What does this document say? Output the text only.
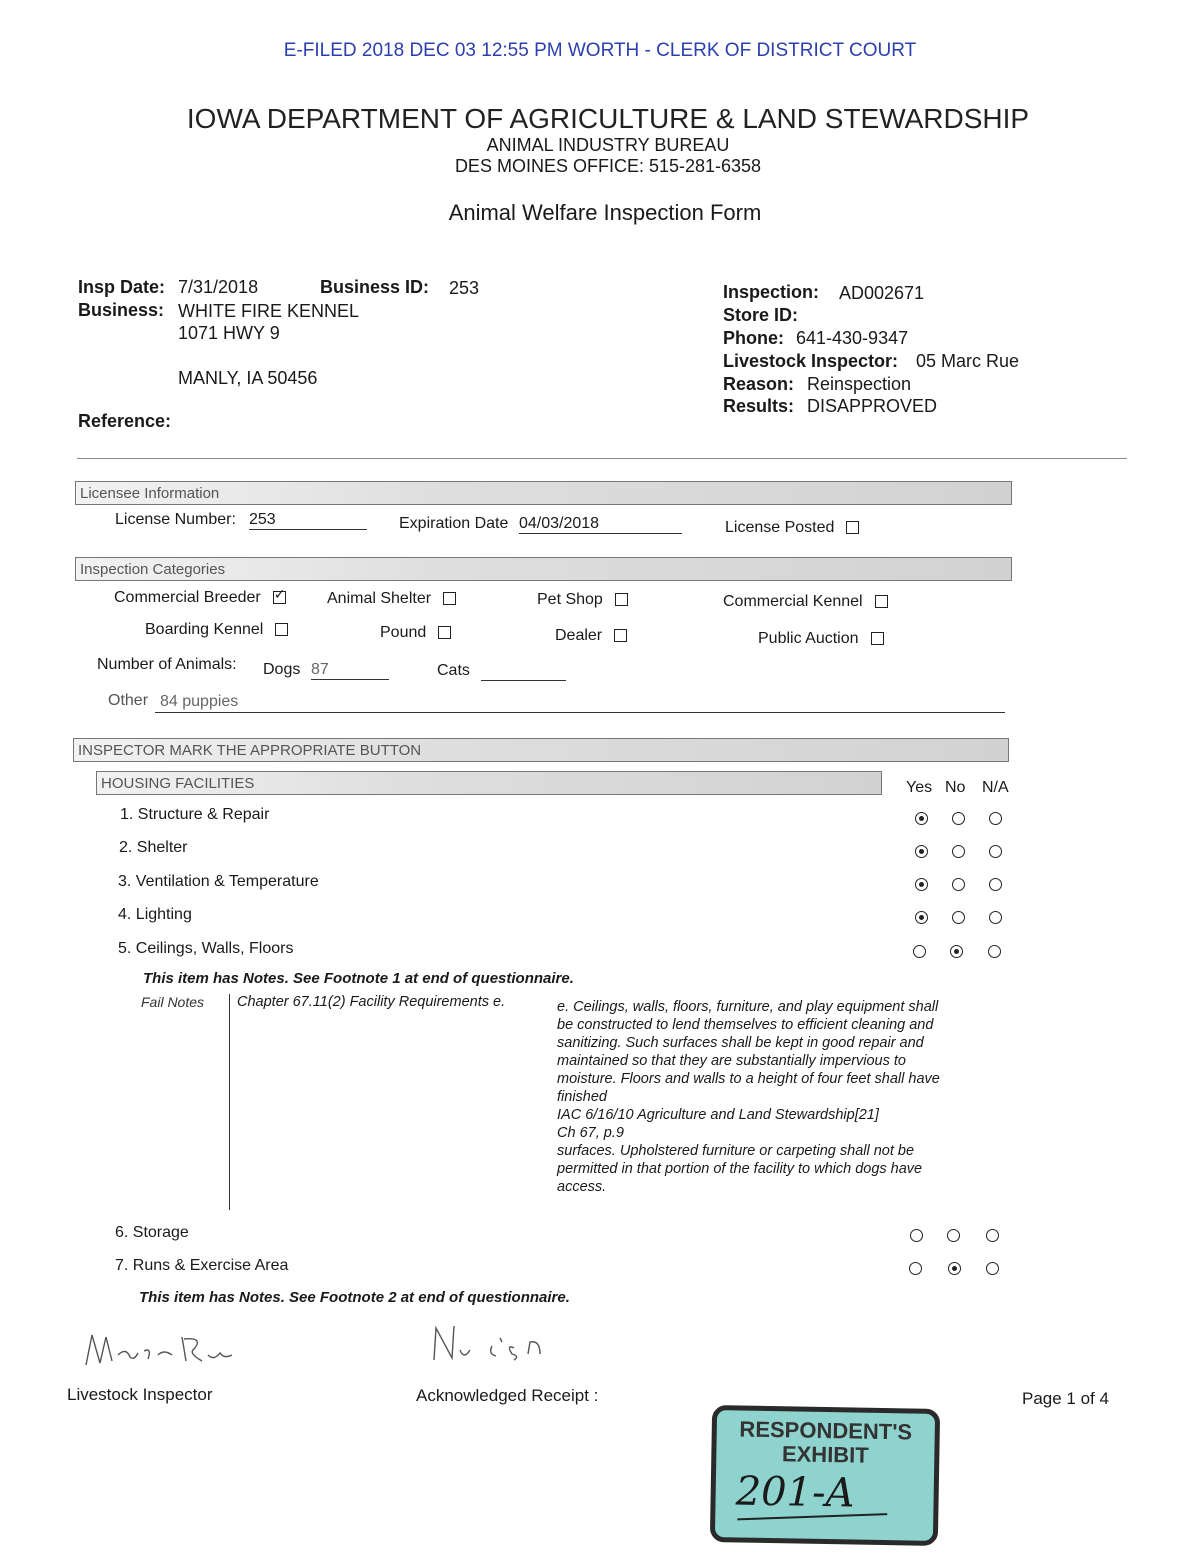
E-FILED 2018 DEC 03 12:55 PM WORTH - CLERK OF DISTRICT COURT
IOWA DEPARTMENT OF AGRICULTURE & LAND STEWARDSHIP
ANIMAL INDUSTRY BUREAU
DES MOINES OFFICE: 515-281-6358
Animal Welfare Inspection Form
Insp Date: 7/31/2018	Business ID: 253
Business: WHITE FIRE KENNEL
1071 HWY 9
MANLY, IA 50456
Reference:
Inspection: AD002671
Store ID:
Phone: 641-430-9347
Livestock Inspector: 05 Marc Rue
Reason: Reinspection
Results: DISAPPROVED
Licensee Information
License Number: 253	Expiration Date 04/03/2018	License Posted
Inspection Categories
Commercial Breeder✓	Animal Shelter	Pet Shop	Commercial Kennel
Boarding Kennel	Pound	Dealer	Public Auction
Number of Animals: Dogs 87	Cats
Other 84 puppies
INSPECTOR MARK THE APPROPRIATE BUTTON
HOUSING FACILITIES	Yes No N/A
1. Structure & Repair
2. Shelter
3. Ventilation & Temperature
4. Lighting
5. Ceilings, Walls, Floors
This item has Notes. See Footnote 1 at end of questionnaire.
Fail Notes Chapter 67.11(2) Facility Requirements e.	e. Ceilings, walls, floors, furniture, and play equipment shall be constructed to lend themselves to efficient cleaning and sanitizing. Such surfaces shall be kept in good repair and maintained so that they are substantially impervious to moisture. Floors and walls to a height of four feet shall have finished
IAC 6/16/10 Agriculture and Land Stewardship[21]
Ch 67, p.9
surfaces. Upholstered furniture or carpeting shall not be permitted in that portion of the facility to which dogs have access.
6. Storage
7. Runs & Exercise Area
This item has Notes. See Footnote 2 at end of questionnaire.
Livestock Inspector	Acknowledged Receipt :	Page 1 of 4
RESPONDENT'S
EXHIBIT
201-A
